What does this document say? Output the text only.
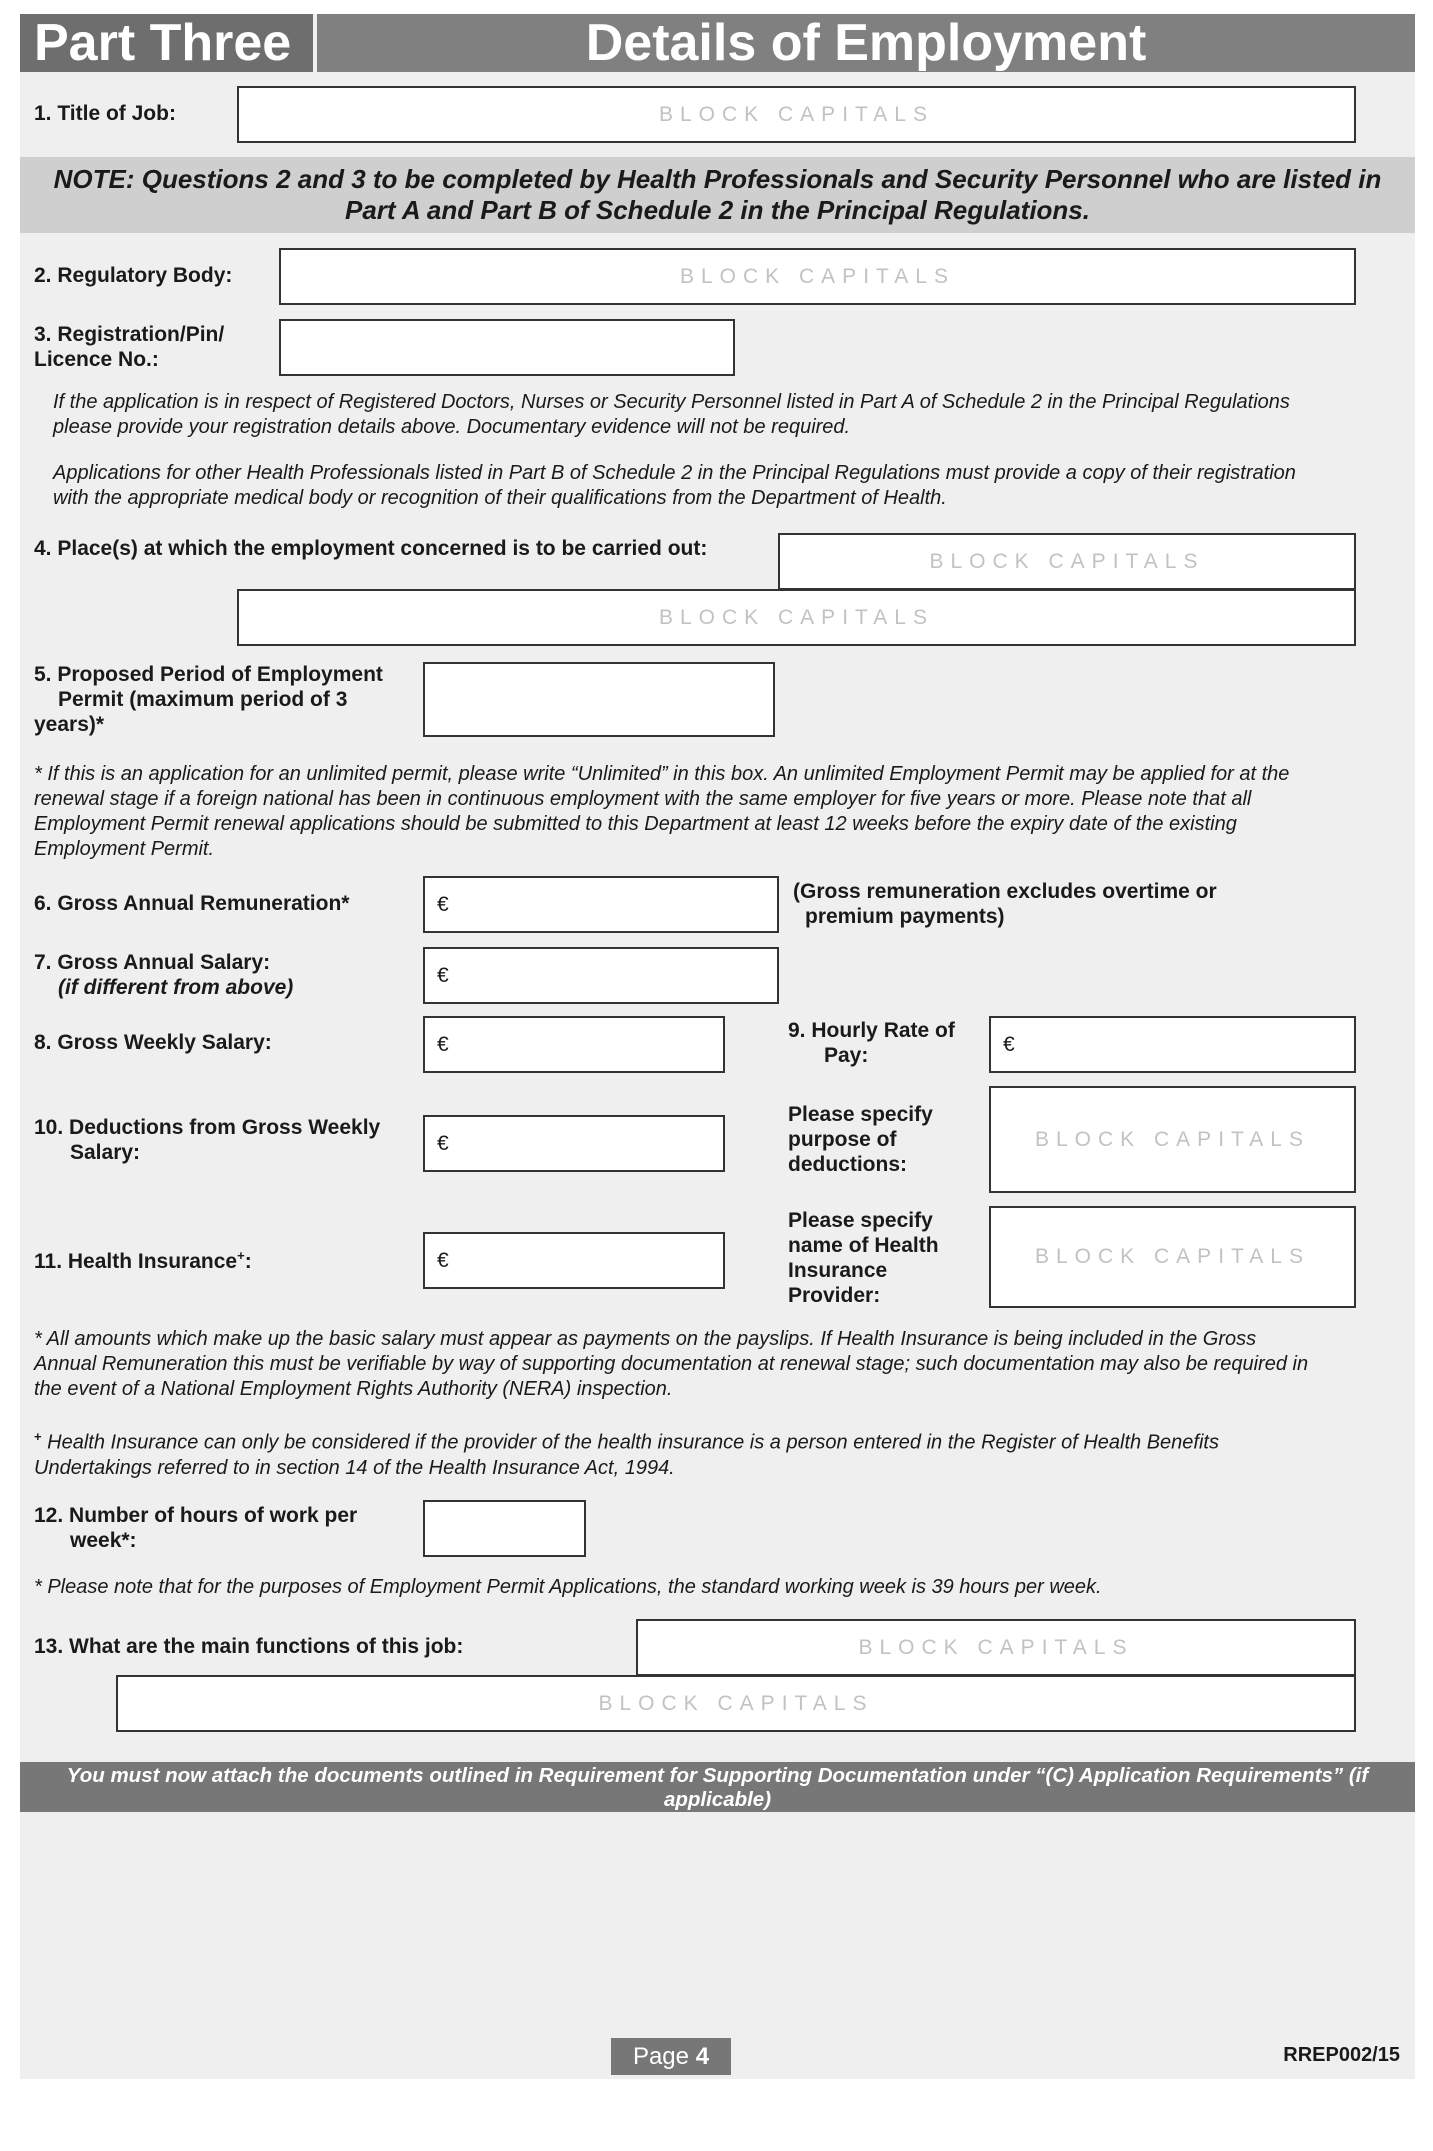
Part Three	Details of Employment
1. Title of Job:	BLOCK CAPITALS
NOTE: Questions 2 and 3 to be completed by Health Professionals and Security Personnel who are listed in
Part A and Part B of Schedule 2 in the Principal Regulations.
2. Regulatory Body:	BLOCK CAPITALS
3. Registration/Pin/
Licence No.:
If the application is in respect of Registered Doctors, Nurses or Security Personnel listed in Part A of Schedule 2 in the Principal Regulations
please provide your registration details above. Documentary evidence will not be required.
Applications for other Health Professionals listed in Part B of Schedule 2 in the Principal Regulations must provide a copy of their registration
with the appropriate medical body or recognition of their qualifications from the Department of Health.
4. Place(s) at which the employment concerned is to be carried out:
BLOCK CAPITALS
BLOCK CAPITALS
5. Proposed Period of Employment
Permit (maximum period of 3
years)*
* If this is an application for an unlimited permit, please write “Unlimited” in this box. An unlimited Employment Permit may be applied for at the
renewal stage if a foreign national has been in continuous employment with the same employer for five years or more. Please note that all
Employment Permit renewal applications should be submitted to this Department at least 12 weeks before the expiry date of the existing
Employment Permit.
6. Gross Annual Remuneration*	€
(Gross remuneration excludes overtime or
premium payments)
7. Gross Annual Salary:
(if different from above)
€
8. Gross Weekly Salary:	€
9. Hourly Rate of
Pay:	€
10. Deductions from Gross Weekly
Salary:	€
Please specify
purpose of
deductions:
BLOCK CAPITALS
11. Health Insurance+:	€
Please specify
name of Health
Insurance
Provider:
BLOCK CAPITALS
* All amounts which make up the basic salary must appear as payments on the payslips. If Health Insurance is being included in the Gross
Annual Remuneration this must be verifiable by way of supporting documentation at renewal stage; such documentation may also be required in
the event of a National Employment Rights Authority (NERA) inspection.
+ Health Insurance can only be considered if the provider of the health insurance is a person entered in the Register of Health Benefits
Undertakings referred to in section 14 of the Health Insurance Act, 1994.
12. Number of hours of work per
week*:
* Please note that for the purposes of Employment Permit Applications, the standard working week is 39 hours per week.
13. What are the main functions of this job:	BLOCK CAPITALS
BLOCK CAPITALS
You must now attach the documents outlined in Requirement for Supporting Documentation under “(C) Application Requirements” (if
applicable)
Page 4	RREP002/15
